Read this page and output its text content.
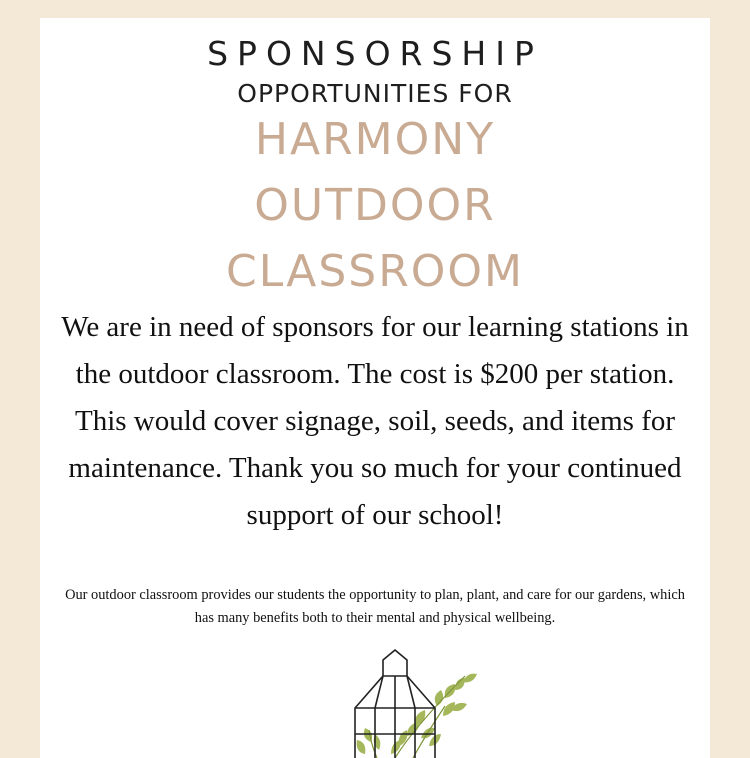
SPONSORSHIP
OPPORTUNITIES FOR
HARMONY
OUTDOOR
CLASSROOM
We are in need of sponsors for our learning stations in the outdoor classroom. The cost is $200 per station. This would cover signage, soil, seeds, and items for maintenance. Thank you so much for your continued support of our school!
Our outdoor classroom provides our students the opportunity to plan, plant, and care for our gardens, which has many benefits both to their mental and physical wellbeing.
